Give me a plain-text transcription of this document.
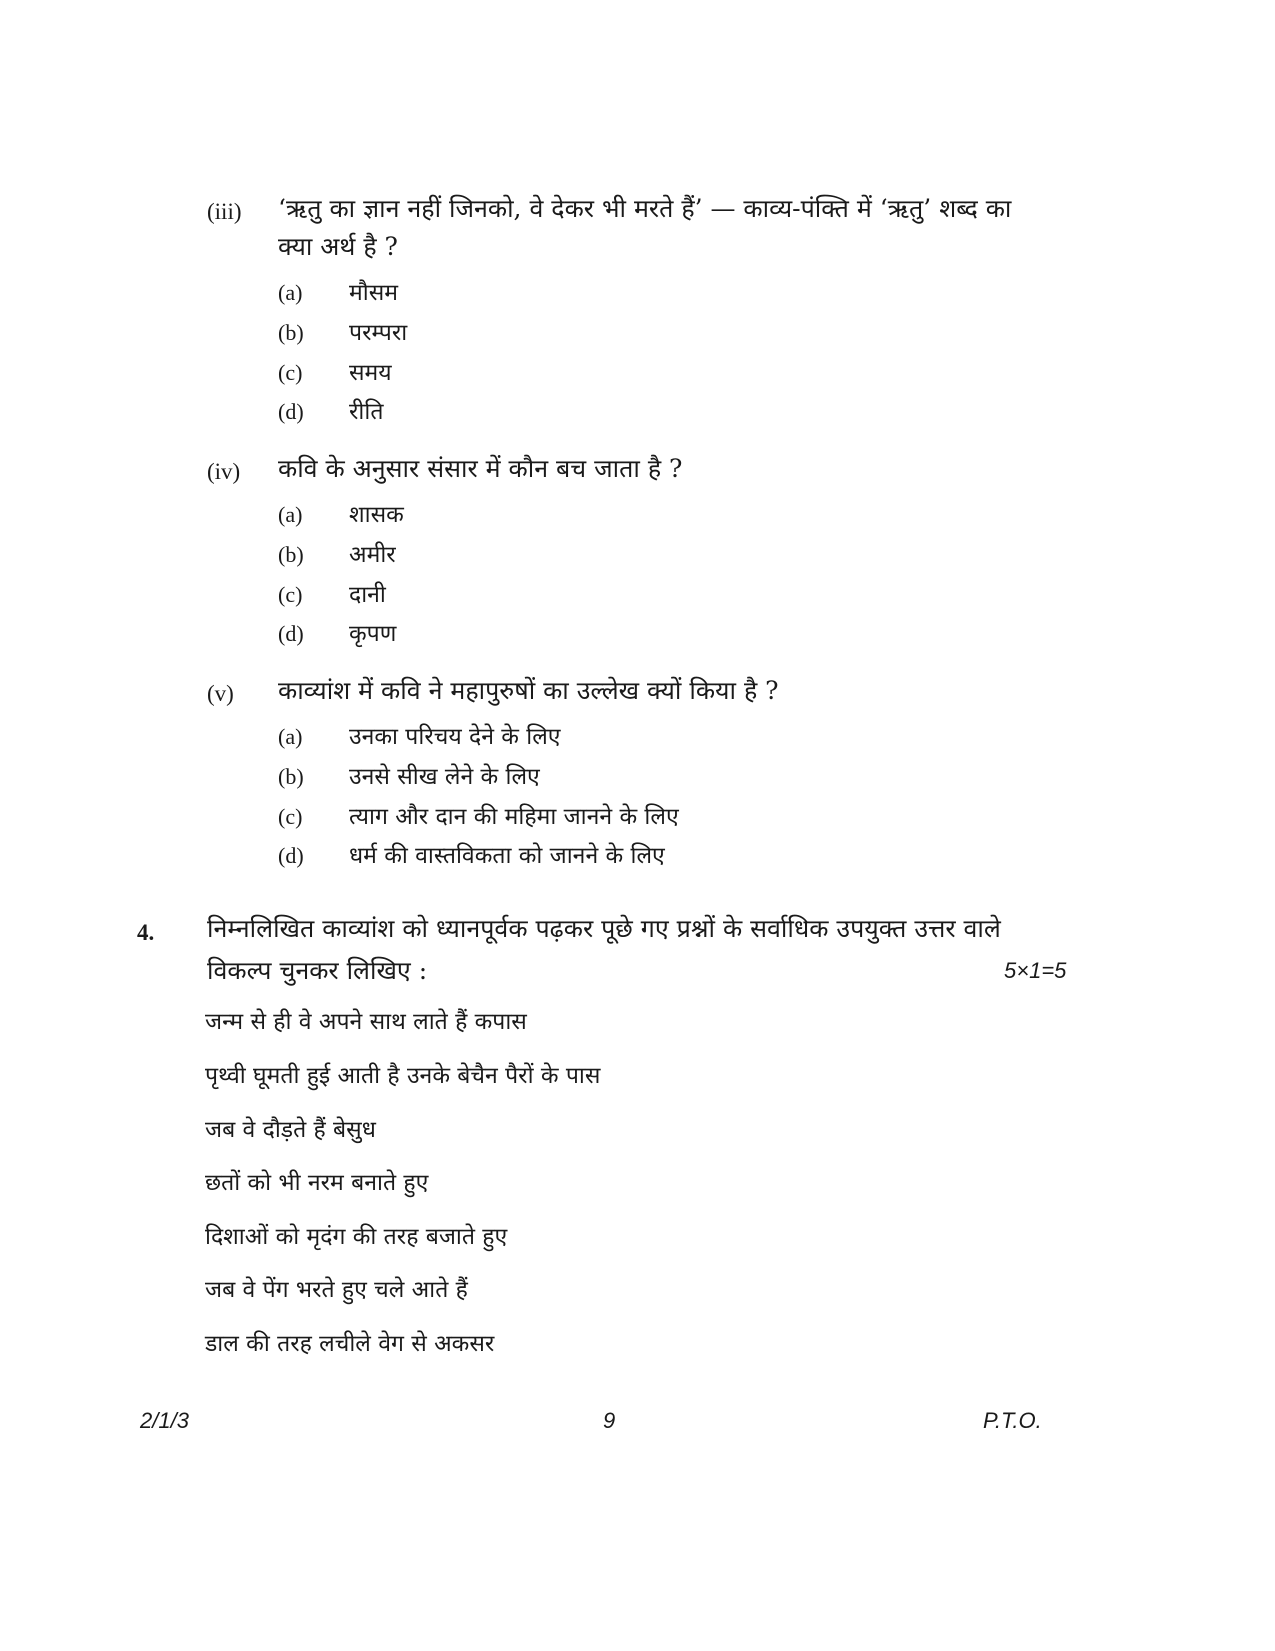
(iii) ‘ऋतु का ज्ञान नहीं जिनको, वे देकर भी मरते हैं’ — काव्य-पंक्ति में ‘ऋतु’ शब्द का
क्या अर्थ है ?
(a) मौसम
(b) परम्परा
(c) समय
(d) रीति
(iv) कवि के अनुसार संसार में कौन बच जाता है ?
(a) शासक
(b) अमीर
(c) दानी
(d) कृपण
(v) काव्यांश में कवि ने महापुरुषों का उल्लेख क्यों किया है ?
(a) उनका परिचय देने के लिए
(b) उनसे सीख लेने के लिए
(c) त्याग और दान की महिमा जानने के लिए
(d) धर्म की वास्तविकता को जानने के लिए
4. निम्नलिखित काव्यांश को ध्यानपूर्वक पढ़कर पूछे गए प्रश्नों के सर्वाधिक उपयुक्त उत्तर वाले
विकल्प चुनकर लिखिए :	5×1=5
जन्म से ही वे अपने साथ लाते हैं कपास
पृथ्वी घूमती हुई आती है उनके बेचैन पैरों के पास
जब वे दौड़ते हैं बेसुध
छतों को भी नरम बनाते हुए
दिशाओं को मृदंग की तरह बजाते हुए
जब वे पेंग भरते हुए चले आते हैं
डाल की तरह लचीले वेग से अकसर
2/1/3	9	P.T.O.
